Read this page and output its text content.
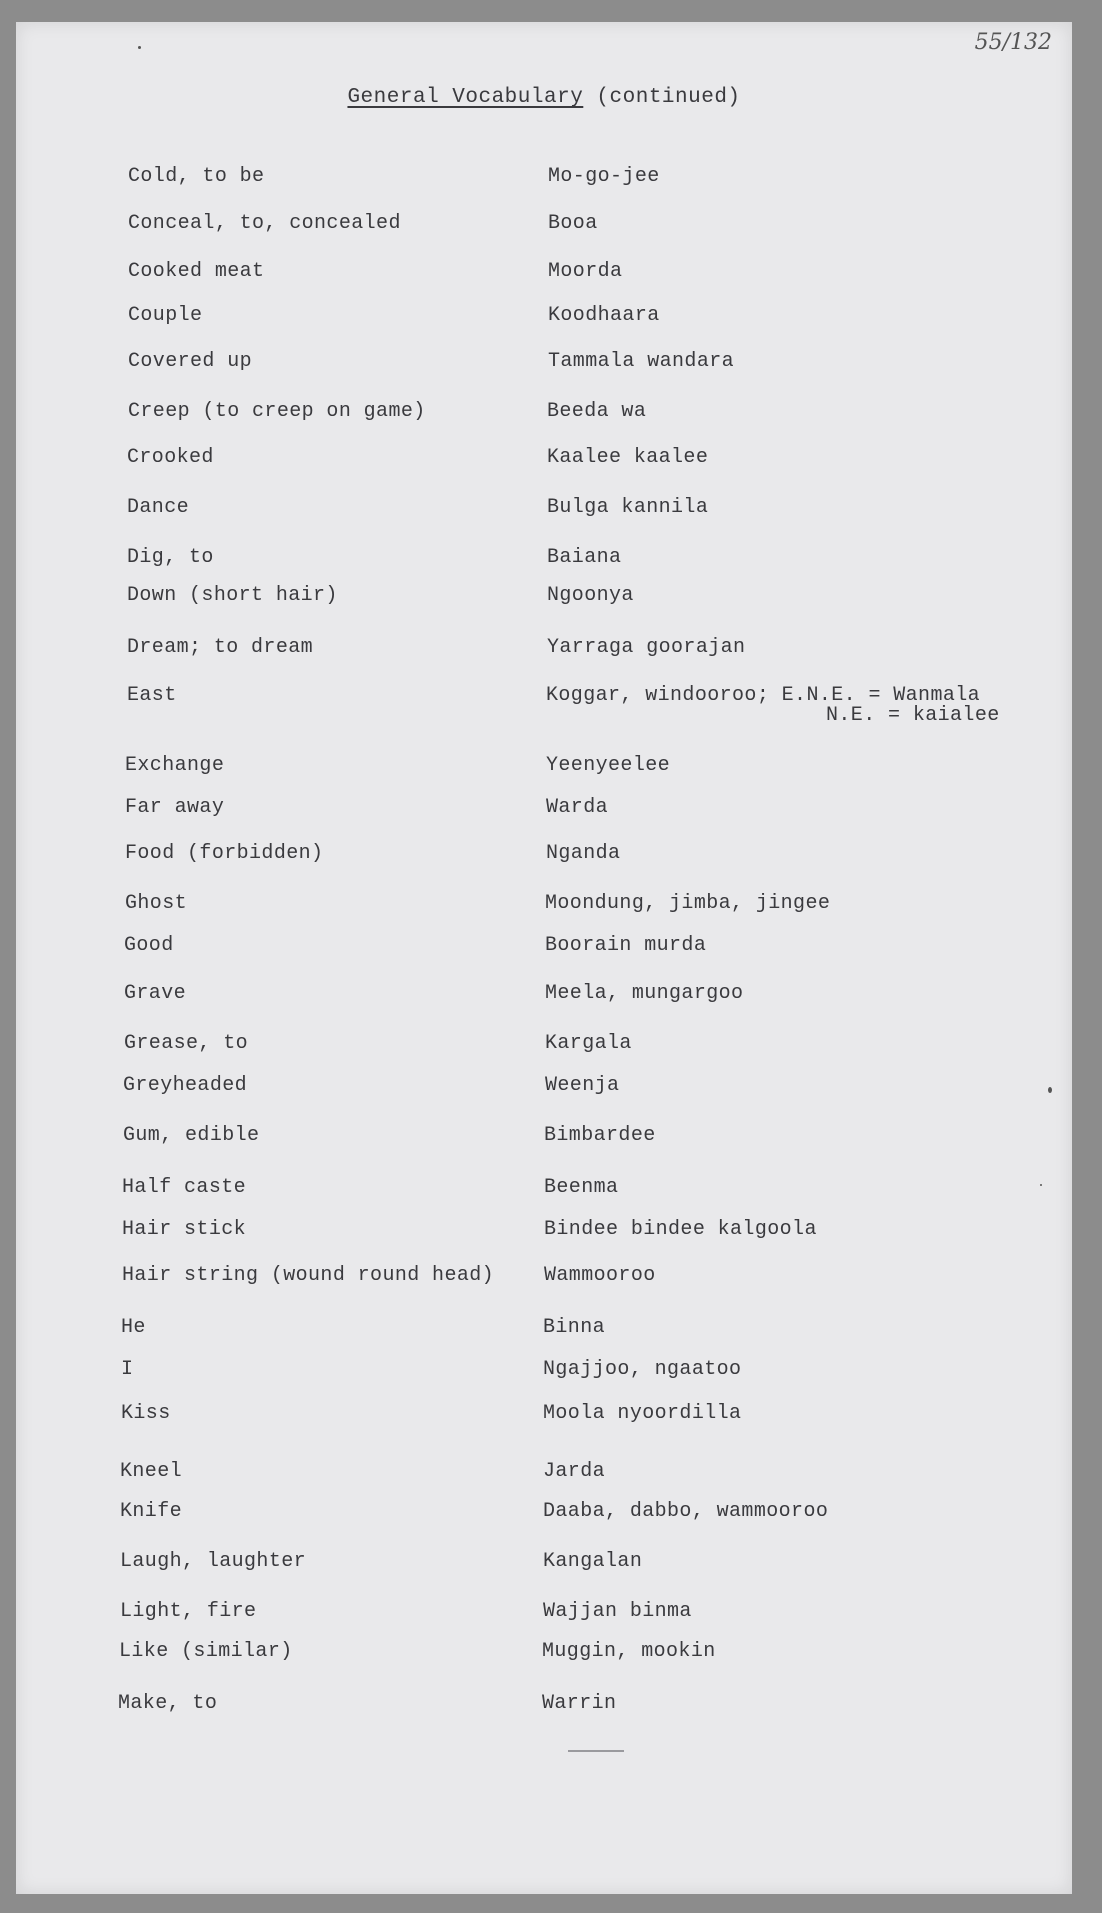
55/132
General Vocabulary (continued)
Cold, to be	Mo-go-jee
Conceal, to, concealed	Booa
Cooked meat	Moorda
Couple	Koodhaara
Covered up	Tammala wandara
Creep (to creep on game)	Beeda wa
Crooked	Kaalee kaalee
Dance	Bulga kannila
Dig, to	Baiana
Down (short hair)	Ngoonya
Dream; to dream	Yarraga goorajan
East	Koggar, windooroo; E.N.E. = Wanmala
N.E. = kaialee
Exchange	Yeenyeelee
Far away	Warda
Food (forbidden)	Nganda
Ghost	Moondung, jimba, jingee
Good	Boorain murda
Grave	Meela, mungargoo
Grease, to	Kargala
Greyheaded	Weenja
Gum, edible	Bimbardee
Half caste	Beenma
Hair stick	Bindee bindee kalgoola
Hair string (wound round head) Wammooroo
He	Binna
I	Ngajjoo, ngaatoo
Kiss	Moola nyoordilla
Kneel	Jarda
Knife	Daaba, dabbo, wammooroo
Laugh, laughter	Kangalan
Light, fire	Wajjan binma
Like (similar)	Muggin, mookin
Make, to	Warrin
